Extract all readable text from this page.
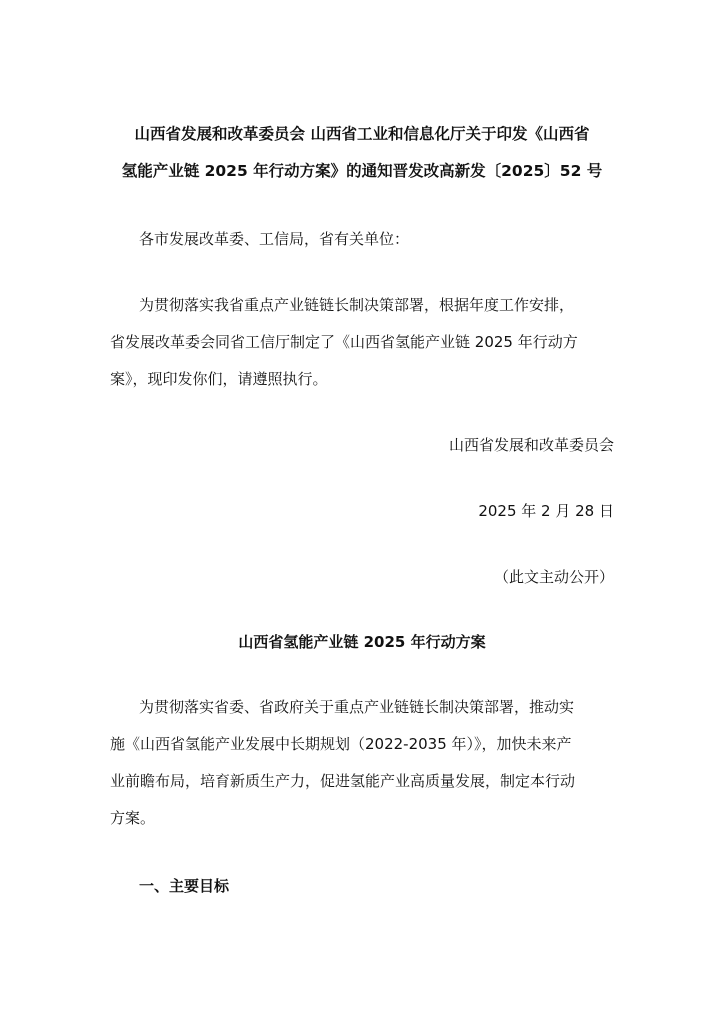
山西省发展和改革委员会 山西省工业和信息化厅关于印发《山西省

氢能产业链 2025 年行动方案》的通知晋发改高新发〔2025〕52 号

各市发展改革委、工信局，省有关单位：

为贯彻落实我省重点产业链链长制决策部署，根据年度工作安排，

省发展改革委会同省工信厅制定了《山西省氢能产业链 2025 年行动方

案》，现印发你们，请遵照执行。

山西省发展和改革委员会

2025 年 2 月 28 日

（此文主动公开）

山西省氢能产业链 2025 年行动方案

为贯彻落实省委、省政府关于重点产业链链长制决策部署，推动实

施《山西省氢能产业发展中长期规划（2022-2035 年）》，加快未来产

业前瞻布局，培育新质生产力，促进氢能产业高质量发展，制定本行动

方案。

一、主要目标
